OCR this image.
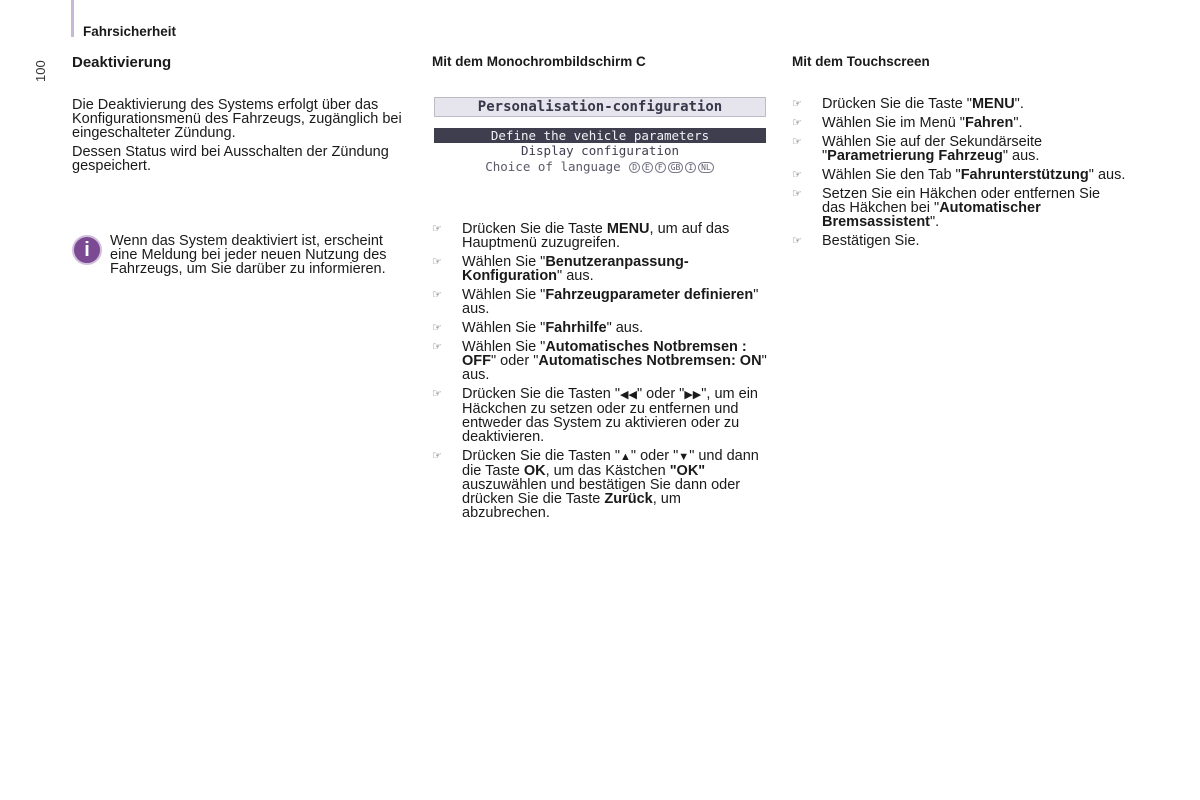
100
Fahrsicherheit
Deaktivierung

Die Deaktivierung des Systems erfolgt über das Konfigurationsmenü des Fahrzeugs, zugänglich bei eingeschalteter Zündung.

Dessen Status wird bei Ausschalten der Zündung gespeichert.

i	Wenn das System deaktiviert ist, erscheint eine Meldung bei jeder neuen Nutzung des Fahrzeugs, um Sie darüber zu informieren.
Mit dem Monochrombildschirm C
Personalisation-configuration
Define the vehicle parameters
Display configuration
Choice of language D E F GB I NL
☞ Drücken Sie die Taste MENU, um auf das Hauptmenü zuzugreifen.
☞ Wählen Sie "Benutzeranpassung-Konfiguration" aus.
☞ Wählen Sie "Fahrzeugparameter definieren" aus.
☞ Wählen Sie "Fahrhilfe" aus.
☞ Wählen Sie "Automatisches Notbremsen : OFF" oder "Automatisches Notbremsen: ON" aus.
☞ Drücken Sie die Tasten "◀◀" oder "▶▶", um ein Häckchen zu setzen oder zu entfernen und entweder das System zu aktivieren oder zu deaktivieren.
☞ Drücken Sie die Tasten "▲" oder "▼" und dann die Taste OK, um das Kästchen "OK" auszuwählen und bestätigen Sie dann oder drücken Sie die Taste Zurück, um abzubrechen.
Mit dem Touchscreen
☞ Drücken Sie die Taste "MENU".
☞ Wählen Sie im Menü "Fahren".
☞ Wählen Sie auf der Sekundärseite "Parametrierung Fahrzeug" aus.
☞ Wählen Sie den Tab "Fahrunterstützung" aus.
☞ Setzen Sie ein Häkchen oder entfernen Sie das Häkchen bei "Automatischer Bremsassistent".
☞ Bestätigen Sie.
